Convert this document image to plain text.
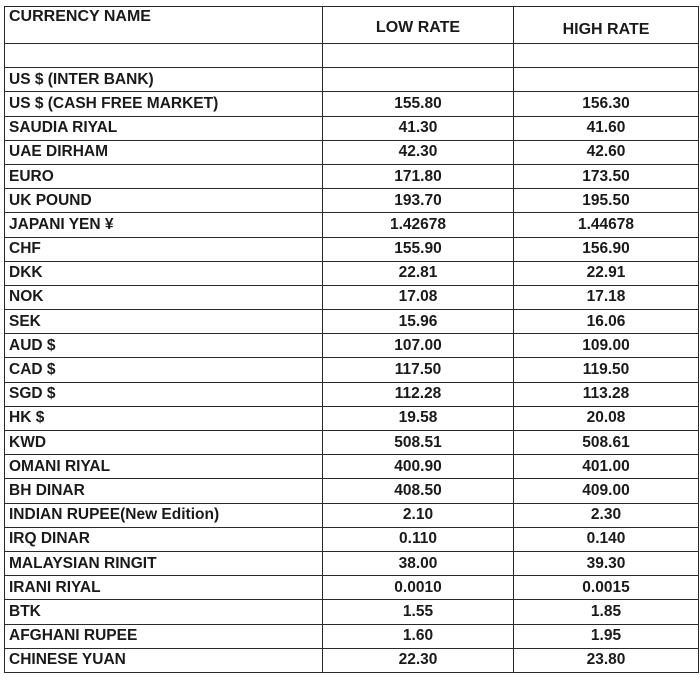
CURRENCY NAME	LOW RATE	HIGH RATE

US $ (INTER BANK)		
US $ (CASH FREE MARKET)	155.80	156.30
SAUDIA RIYAL	41.30	41.60
UAE DIRHAM	42.30	42.60
EURO	171.80	173.50
UK POUND	193.70	195.50
JAPANI YEN ¥	1.42678	1.44678
CHF	155.90	156.90
DKK	22.81	22.91
NOK	17.08	17.18
SEK	15.96	16.06
AUD $	107.00	109.00
CAD $	117.50	119.50
SGD $	112.28	113.28
HK $	19.58	20.08
KWD	508.51	508.61
OMANI RIYAL	400.90	401.00
BH DINAR	408.50	409.00
INDIAN RUPEE(New Edition)	2.10	2.30
IRQ DINAR	0.110	0.140
MALAYSIAN RINGIT	38.00	39.30
IRANI RIYAL	0.0010	0.0015
BTK	1.55	1.85
AFGHANI RUPEE	1.60	1.95
CHINESE YUAN	22.30	23.80
